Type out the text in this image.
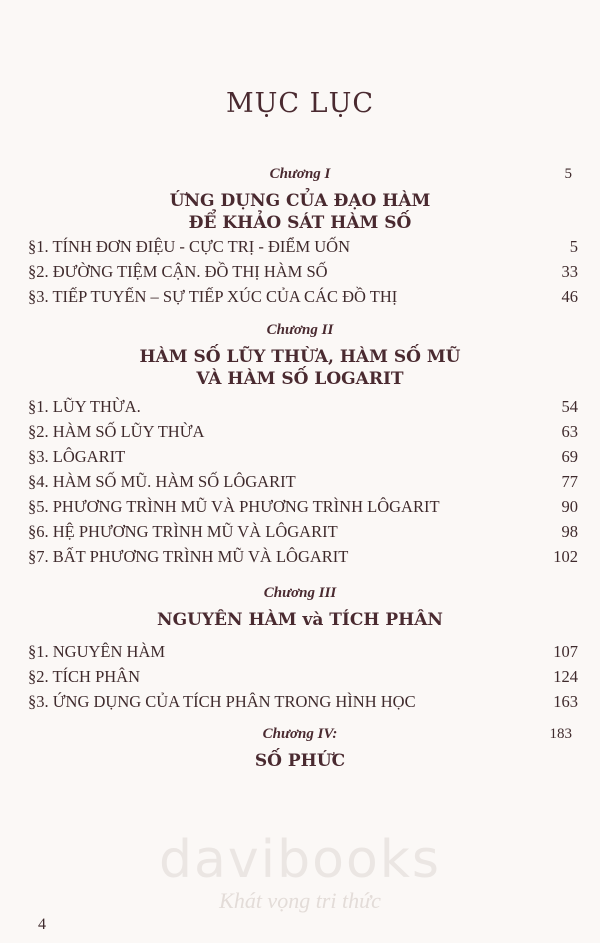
MỤC LỤC
Chương I	5
ỨNG DỤNG CỦA ĐẠO HÀM
ĐỂ KHẢO SÁT HÀM SỐ
§1. TÍNH ĐƠN ĐIỆU - CỰC TRỊ - ĐIỂM UỐN	5
§2. ĐƯỜNG TIỆM CẬN. ĐỒ THỊ HÀM SỐ	33
§3. TIẾP TUYẾN – SỰ TIẾP XÚC CỦA CÁC ĐỒ THỊ	46
Chương II
HÀM SỐ LŨY THỪA, HÀM SỐ MŨ
VÀ HÀM SỐ LOGARIT
§1. LŨY THỪA.	54
§2. HÀM SỐ LŨY THỪA	63
§3. LÔGARIT	69
§4. HÀM SỐ MŨ. HÀM SỐ LÔGARIT	77
§5. PHƯƠNG TRÌNH MŨ VÀ PHƯƠNG TRÌNH LÔGARIT	90
§6. HỆ PHƯƠNG TRÌNH MŨ VÀ LÔGARIT	98
§7. BẤT PHƯƠNG TRÌNH MŨ VÀ LÔGARIT	102
Chương III
NGUYÊN HÀM và TÍCH PHÂN
§1. NGUYÊN HÀM	107
§2. TÍCH PHÂN	124
§3. ỨNG DỤNG CỦA TÍCH PHÂN TRONG HÌNH HỌC	163
Chương IV:	183
SỐ PHỨC
davibooks
Khát vọng tri thức
4
